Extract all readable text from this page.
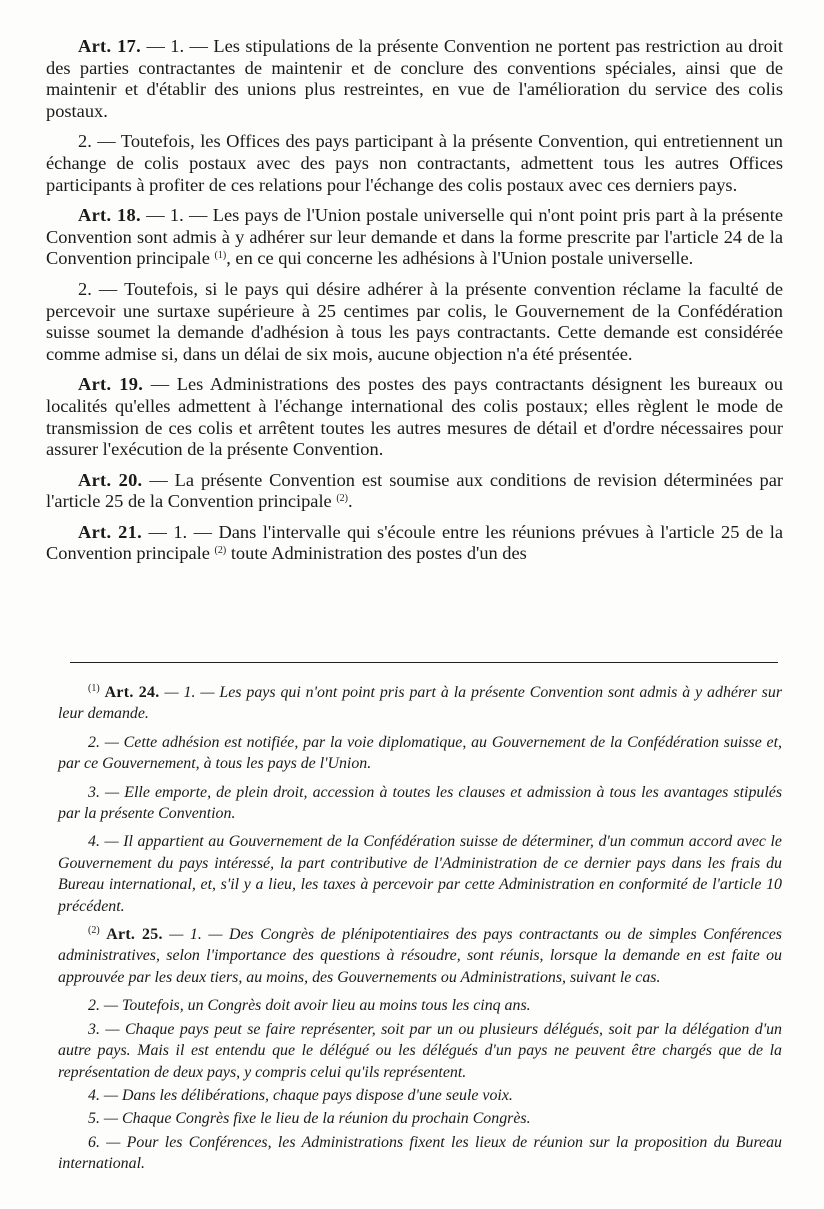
Art. 17. — 1. — Les stipulations de la présente Convention ne portent pas restriction au droit des parties contractantes de maintenir et de conclure des conventions spéciales, ainsi que de maintenir et d'établir des unions plus restreintes, en vue de l'amélioration du service des colis postaux.

2. — Toutefois, les Offices des pays participant à la présente Convention, qui entretiennent un échange de colis postaux avec des pays non contractants, admettent tous les autres Offices participants à profiter de ces relations pour l'échange des colis postaux avec ces derniers pays.

Art. 18. — 1. — Les pays de l'Union postale universelle qui n'ont point pris part à la présente Convention sont admis à y adhérer sur leur demande et dans la forme prescrite par l'article 24 de la Convention principale $^{(1)}$, en ce qui concerne les adhésions à l'Union postale universelle.

2. — Toutefois, si le pays qui désire adhérer à la présente convention réclame la faculté de percevoir une surtaxe supérieure à 25 centimes par colis, le Gouvernement de la Confédération suisse soumet la demande d'adhésion à tous les pays contractants. Cette demande est considérée comme admise si, dans un délai de six mois, aucune objection n'a été présentée.

Art. 19. — Les Administrations des postes des pays contractants désignent les bureaux ou localités qu'elles admettent à l'échange international des colis postaux; elles règlent le mode de transmission de ces colis et arrêtent toutes les autres mesures de détail et d'ordre nécessaires pour assurer l'exécution de la présente Convention.

Art. 20. — La présente Convention est soumise aux conditions de revision déterminées par l'article 25 de la Convention principale $^{(2)}$.

Art. 21. — 1. — Dans l'intervalle qui s'écoule entre les réunions prévues à l'article 25 de la Convention principale $^{(2)}$ toute Administration des postes d'un des

$^{(1)}$ Art. 24. — 1. — Les pays qui n'ont point pris part à la présente Convention sont admis à y adhérer sur leur demande.

2. — Cette adhésion est notifiée, par la voie diplomatique, au Gouvernement de la Confédération suisse et, par ce Gouvernement, à tous les pays de l'Union.

3. — Elle emporte, de plein droit, accession à toutes les clauses et admission à tous les avantages stipulés par la présente Convention.

4. — Il appartient au Gouvernement de la Confédération suisse de déterminer, d'un commun accord avec le Gouvernement du pays intéressé, la part contributive de l'Administration de ce dernier pays dans les frais du Bureau international, et, s'il y a lieu, les taxes à percevoir par cette Administration en conformité de l'article 10 précédent.

$^{(2)}$ Art. 25. — 1. — Des Congrès de plénipotentiaires des pays contractants ou de simples Conférences administratives, selon l'importance des questions à résoudre, sont réunis, lorsque la demande en est faite ou approuvée par les deux tiers, au moins, des Gouvernements ou Administrations, suivant le cas.

2. — Toutefois, un Congrès doit avoir lieu au moins tous les cinq ans.

3. — Chaque pays peut se faire représenter, soit par un ou plusieurs délégués, soit par la délégation d'un autre pays. Mais il est entendu que le délégué ou les délégués d'un pays ne peuvent être chargés que de la représentation de deux pays, y compris celui qu'ils représentent.

4. — Dans les délibérations, chaque pays dispose d'une seule voix.

5. — Chaque Congrès fixe le lieu de la réunion du prochain Congrès.

6. — Pour les Conférences, les Administrations fixent les lieux de réunion sur la proposition du Bureau international.
